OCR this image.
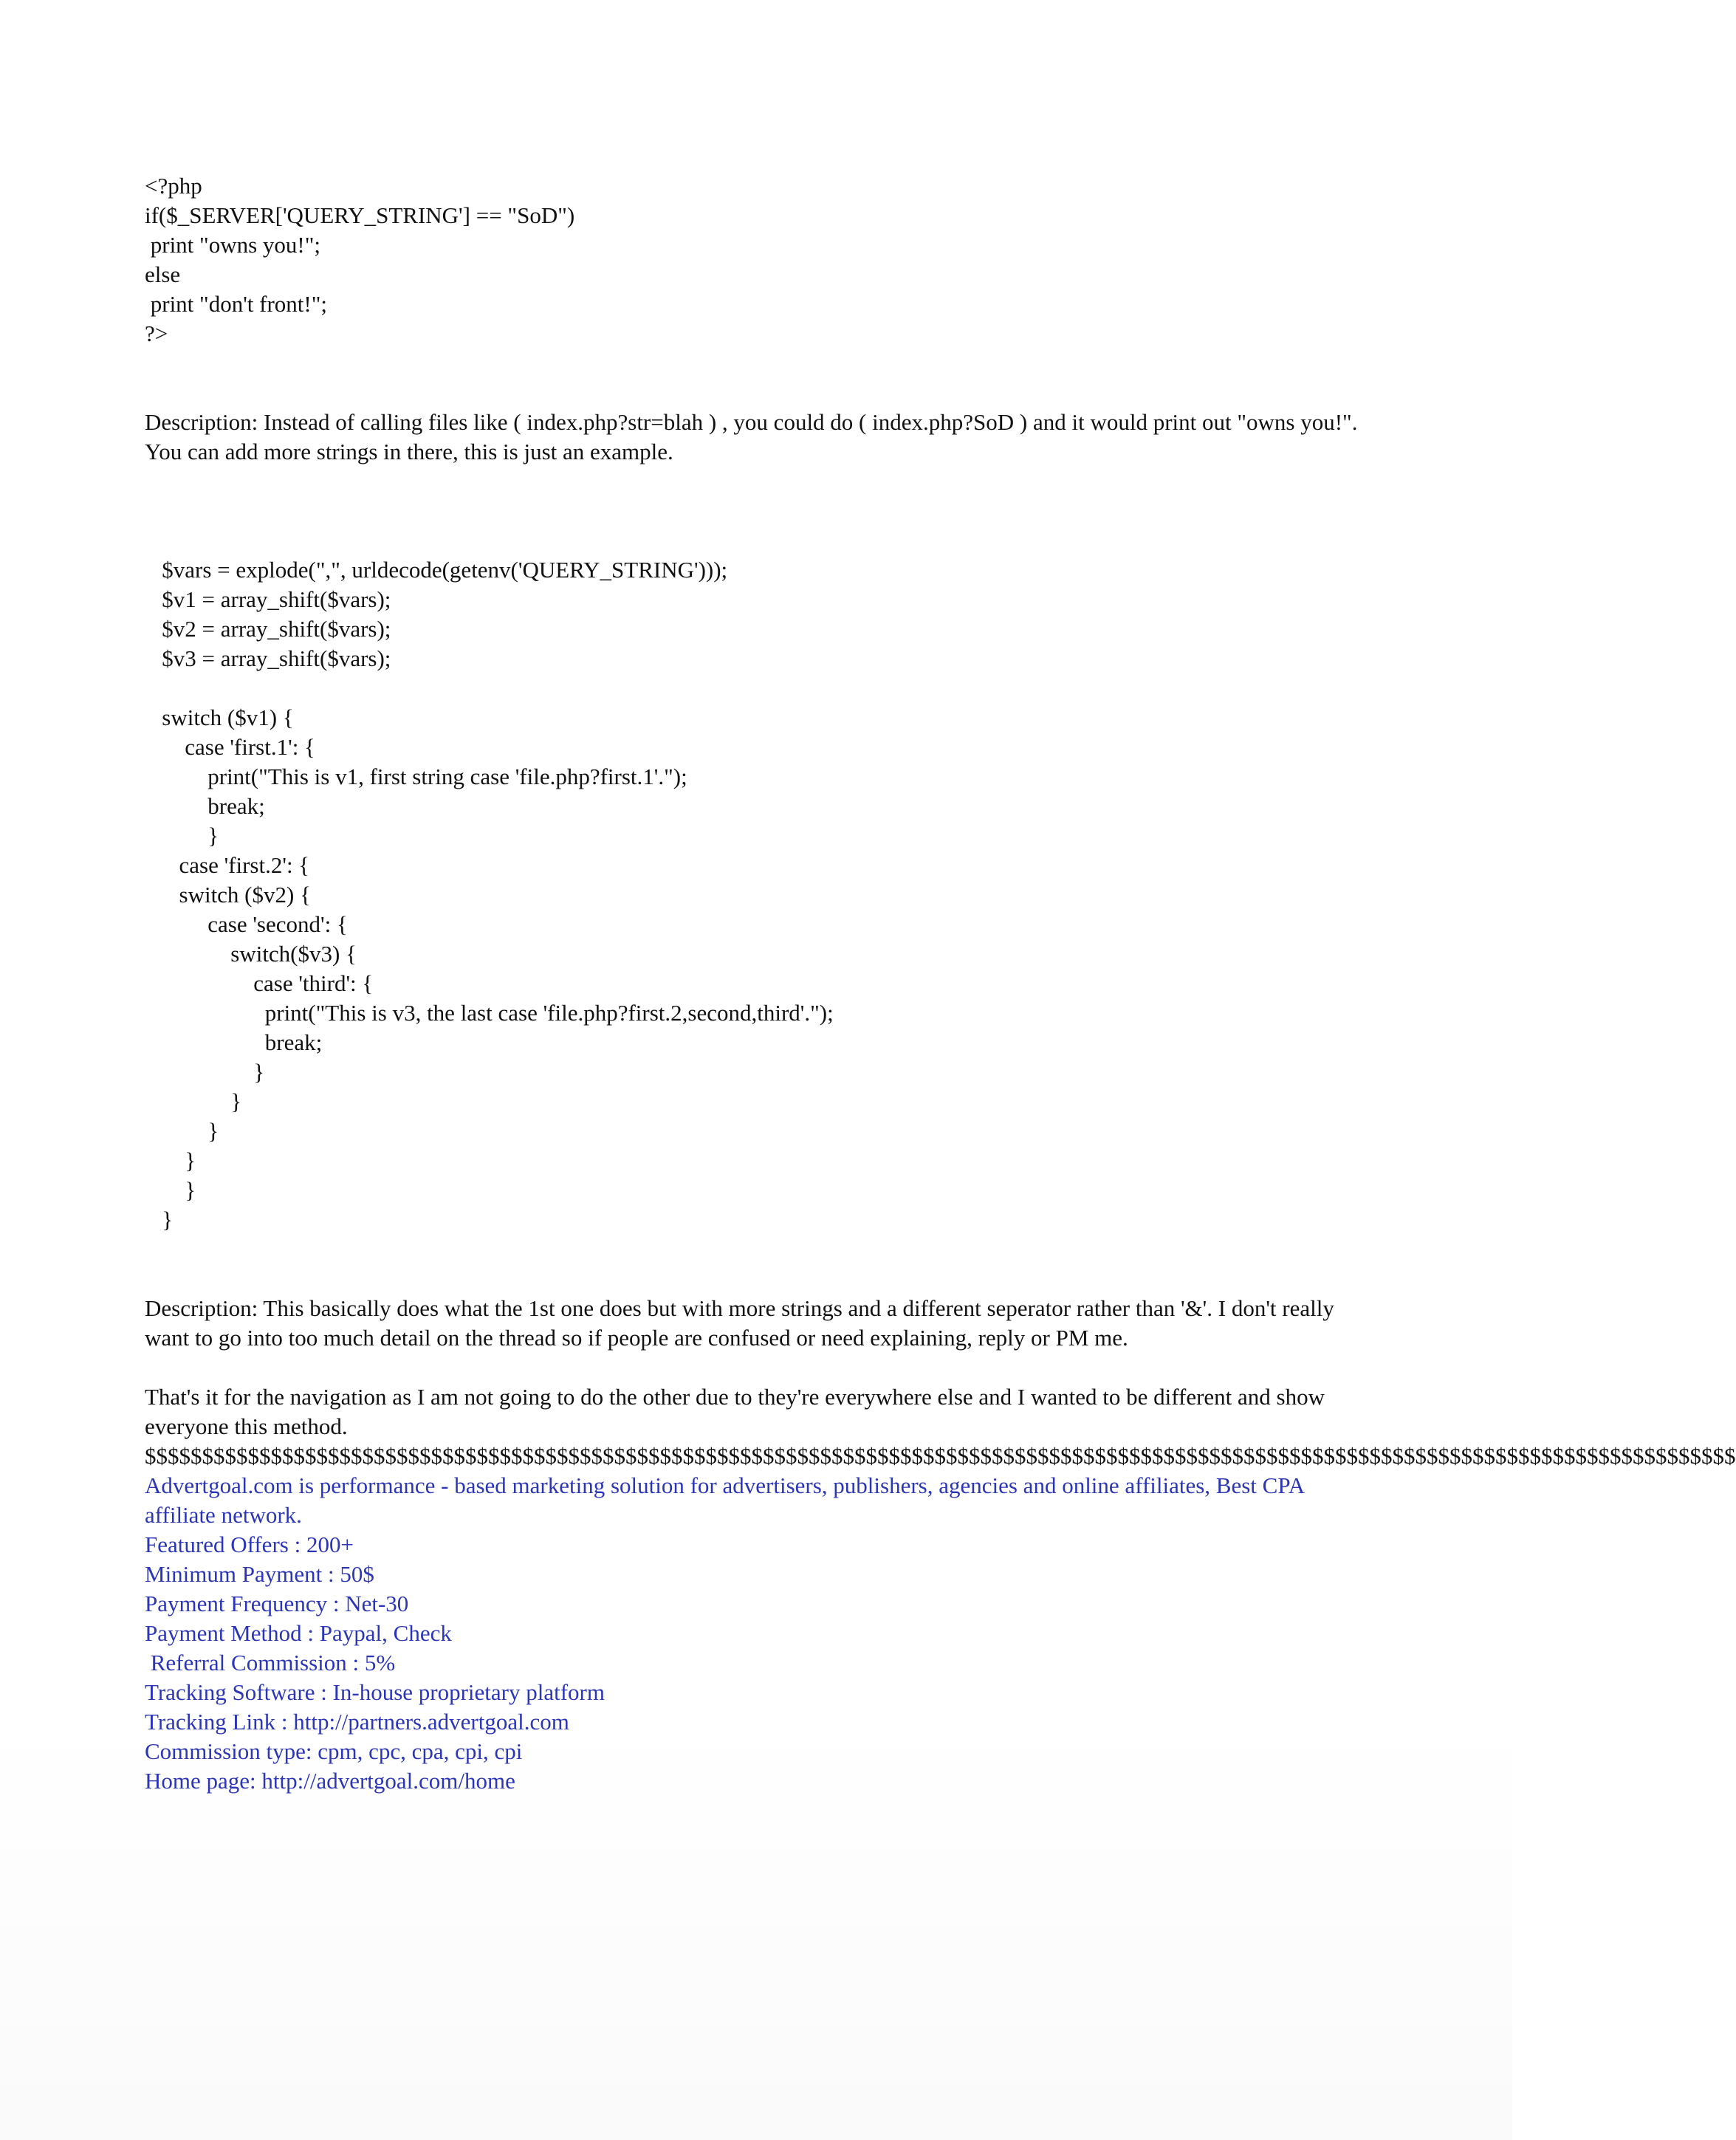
<?php
if($_SERVER['QUERY_STRING'] == "SoD")
print "owns you!";
else
print "don't front!";
?>

Description: Instead of calling files like ( index.php?str=blah ) , you could do ( index.php?SoD ) and it would print out "owns you!". You can add more strings in there, this is just an example.

$vars = explode(",", urldecode(getenv('QUERY_STRING')));
$v1 = array_shift($vars);
$v2 = array_shift($vars);
$v3 = array_shift($vars);
switch ($v1) {
case 'first.1': {
print("This is v1, first string case 'file.php?first.1'.");
break;
}
case 'first.2': {
switch ($v2) {
case 'second': {
switch($v3) {
case 'third': {
print("This is v3, the last case 'file.php?first.2,second,third'.");
break;
}
}
}
}
}
}

Description: This basically does what the 1st one does but with more strings and a different seperator rather than '&'. I don't really want to go into too much detail on the thread so if people are confused or need explaining, reply or PM me.

That's it for the navigation as I am not going to do the other due to they're everywhere else and I wanted to be different and show everyone this method.

$$$$$$$$$$$$$$$$$$$$$$$$$$$$$$$$$$$$$$$$$$$$$$$$$$$$$$$$$$$$$$$$$$$$$$$$$$$$$$$$$$$$$$$$$$$$$$$$$$$$$$$$$$$$$$$$$$$$$$$$$$$$$$$$$$$$$$$$$$$

Advertgoal.com is performance - based marketing solution for advertisers, publishers, agencies and online affiliates, Best CPA affiliate network.

Featured Offers : 200+
Minimum Payment : 50$
Payment Frequency : Net-30
Payment Method : Paypal, Check
Referral Commission : 5%
Tracking Software : In-house proprietary platform
Tracking Link : http://partners.advertgoal.com
Commission type: cpm, cpc, cpa, cpi, cpi
Home page: http://advertgoal.com/home
